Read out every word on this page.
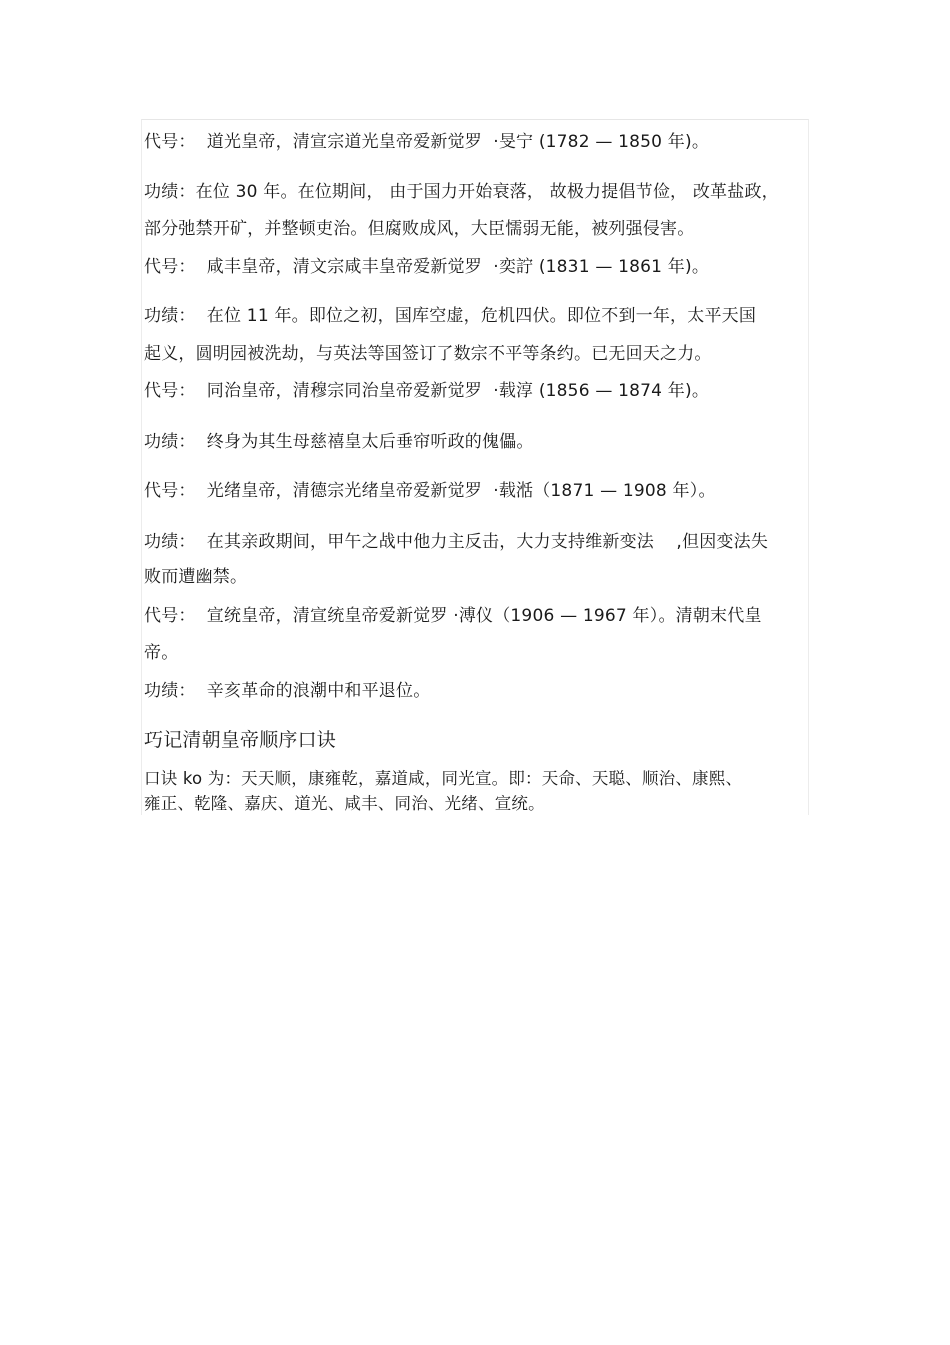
代号：  道光皇帝，清宣宗道光皇帝爱新觉罗  ·旻宁 (1782 — 1850 年)。
功绩：在位 30 年。在位期间， 由于国力开始衰落， 故极力提倡节俭， 改革盐政，
部分弛禁开矿，并整顿吏治。但腐败成风，大臣懦弱无能，被列强侵害。
代号：  咸丰皇帝，清文宗咸丰皇帝爱新觉罗  ·奕詝 (1831 — 1861 年)。
功绩：  在位 11 年。即位之初，国库空虚，危机四伏。即位不到一年，太平天国
起义，圆明园被洗劫，与英法等国签订了数宗不平等条约。已无回天之力。
代号：  同治皇帝，清穆宗同治皇帝爱新觉罗  ·载淳 (1856 — 1874 年)。
功绩：  终身为其生母慈禧皇太后垂帘听政的傀儡。
代号：  光绪皇帝，清德宗光绪皇帝爱新觉罗  ·载湉（1871 — 1908 年）。
功绩：  在其亲政期间，甲午之战中他力主反击，大力支持维新变法    ,但因变法失
败而遭幽禁。
代号：  宣统皇帝，清宣统皇帝爱新觉罗 ·溥仪（1906 — 1967 年）。清朝末代皇
帝。
功绩：  辛亥革命的浪潮中和平退位。
巧记清朝皇帝顺序口诀
口诀 ko 为：天天顺，康雍乾，嘉道咸，同光宣。即：天命、天聪、顺治、康熙、
雍正、乾隆、嘉庆、道光、咸丰、同治、光绪、宣统。
